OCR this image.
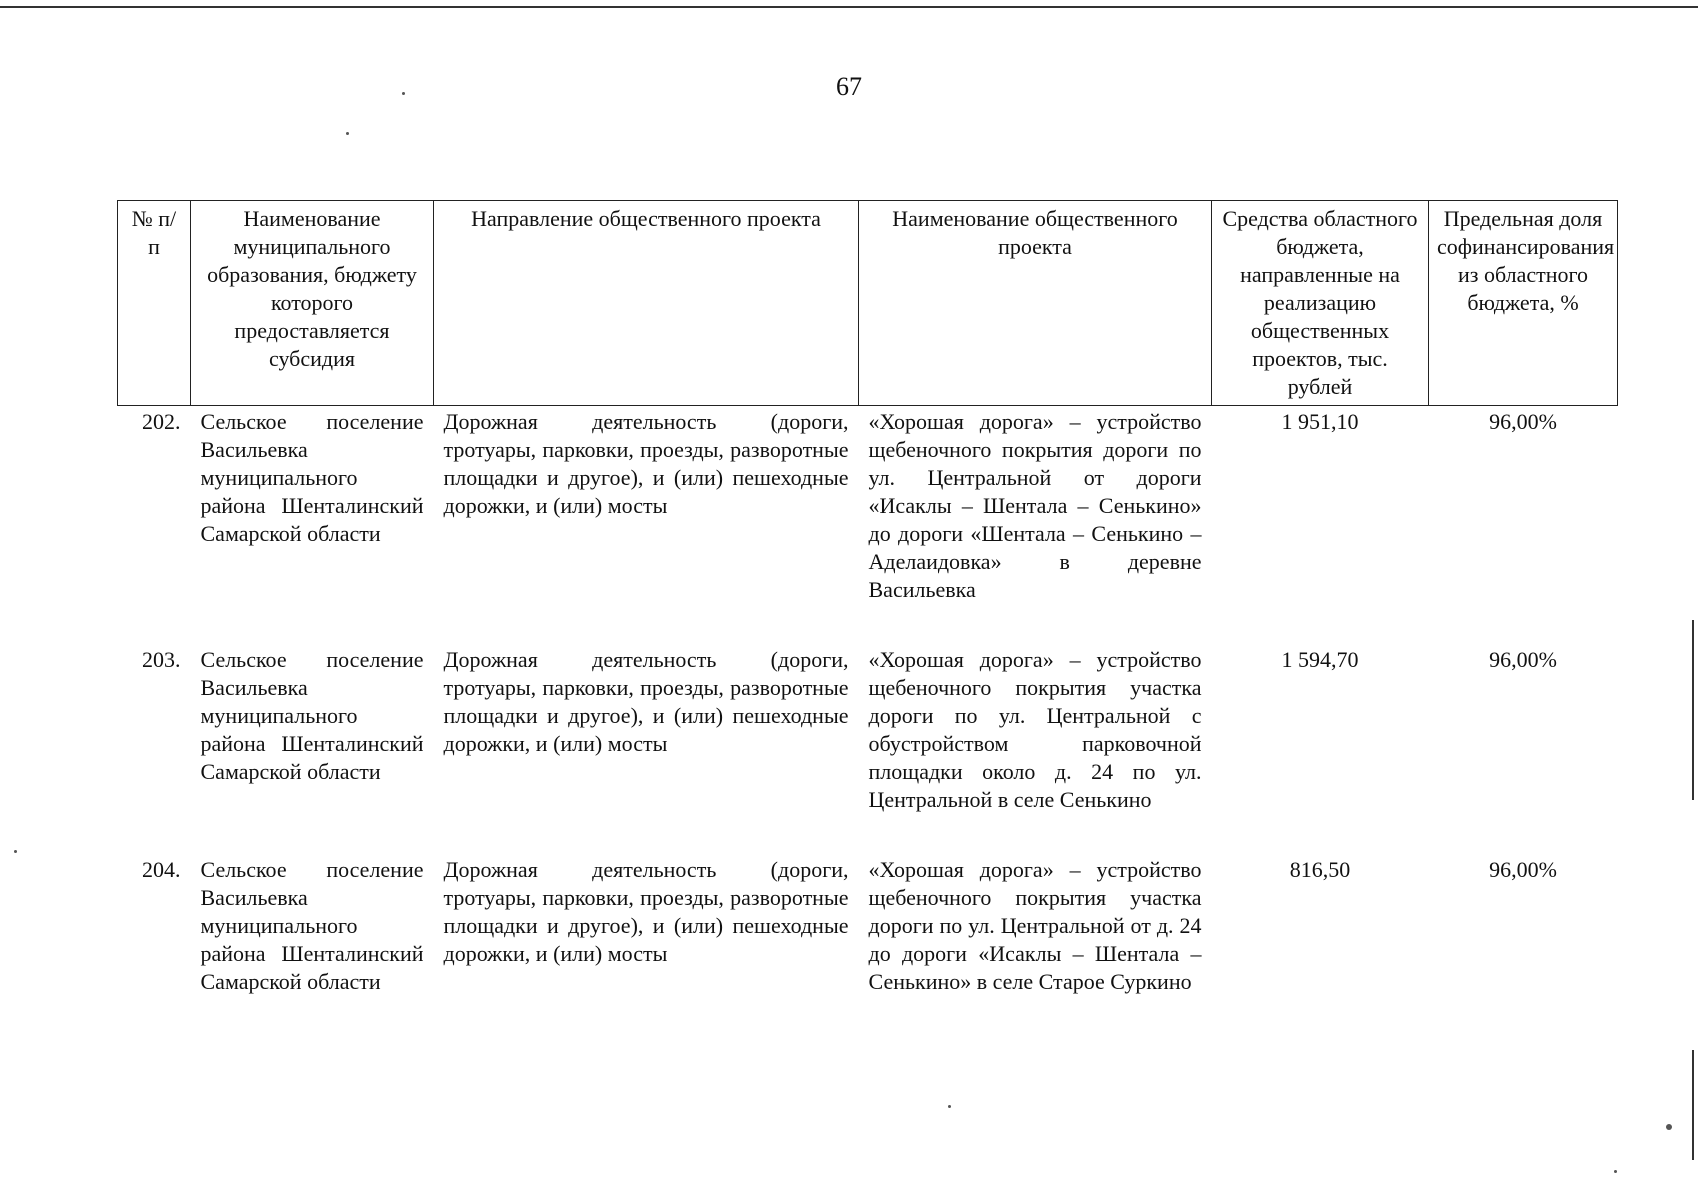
67
№ п/п	Наименование муниципального образования, бюджету которого предоставляется субсидия	Направление общественного проекта	Наименование общественного проекта	Средства областного бюджета, направленные на реализацию общественных проектов, тыс. рублей	Предельная доля софинансирования из областного бюджета, %
202.	Сельское поселение Васильевка муниципального района Шенталинский Самарской области	Дорожная деятельность (дороги, тротуары, парковки, проезды, разворотные площадки и другое), и (или) пешеходные дорожки, и (или) мосты	«Хорошая дорога» – устройство щебеночного покрытия дороги по ул. Центральной от дороги «Исаклы – Шентала – Сенькино» до дороги «Шентала – Сенькино – Аделаидовка» в деревне Васильевка	1 951,10	96,00%

203.	Сельское поселение Васильевка муниципального района Шенталинский Самарской области	Дорожная деятельность (дороги, тротуары, парковки, проезды, разворотные площадки и другое), и (или) пешеходные дорожки, и (или) мосты	«Хорошая дорога» – устройство щебеночного покрытия участка дороги по ул. Центральной с обустройством парковочной площадки около д. 24 по ул. Центральной в селе Сенькино	1 594,70	96,00%

204.	Сельское поселение Васильевка муниципального района Шенталинский Самарской области	Дорожная деятельность (дороги, тротуары, парковки, проезды, разворотные площадки и другое), и (или) пешеходные дорожки, и (или) мосты	«Хорошая дорога» – устройство щебеночного покрытия участка дороги по ул. Центральной от д. 24 до дороги «Исаклы – Шентала – Сенькино» в селе Старое Суркино	816,50	96,00%
